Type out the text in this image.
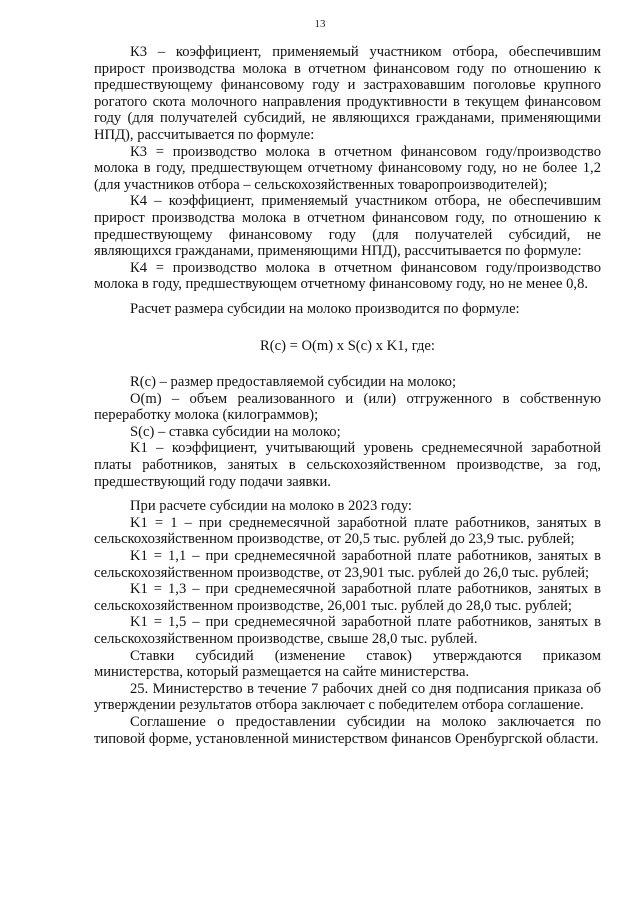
13

К3 – коэффициент, применяемый участником отбора, обеспечившим прирост производства молока в отчетном финансовом году по отношению к предшествующему финансовому году и застраховавшим поголовье крупного рогатого скота молочного направления продуктивности в текущем финансовом году (для получателей субсидий, не являющихся гражданами, применяющими НПД), рассчитывается по формуле:

К3 = производство молока в отчетном финансовом году/производство молока в году, предшествующем отчетному финансовому году, но не более 1,2 (для участников отбора – сельскохозяйственных товаропроизводителей);

К4 – коэффициент, применяемый участником отбора, не обеспечившим прирост производства молока в отчетном финансовом году, по отношению к предшествующему финансовому году (для получателей субсидий, не являющихся гражданами, применяющими НПД), рассчитывается по формуле:

К4 = производство молока в отчетном финансовом году/производство молока в году, предшествующем отчетному финансовому году, но не менее 0,8.

Расчет размера субсидии на молоко производится по формуле:

R(c) = O(m) x S(c) x K1, где:

R(c) – размер предоставляемой субсидии на молоко;

O(m) – объем реализованного и (или) отгруженного в собственную переработку молока (килограммов);

S(c) – ставка субсидии на молоко;

K1 – коэффициент, учитывающий уровень среднемесячной заработной платы работников, занятых в сельскохозяйственном производстве, за год, предшествующий году подачи заявки.

При расчете субсидии на молоко в 2023 году:

K1 = 1 – при среднемесячной заработной плате работников, занятых в сельскохозяйственном производстве, от 20,5 тыс. рублей до 23,9 тыс. рублей;

K1 = 1,1 – при среднемесячной заработной плате работников, занятых в сельскохозяйственном производстве, от 23,901 тыс. рублей до 26,0 тыс. рублей;

K1 = 1,3 – при среднемесячной заработной плате работников, занятых в сельскохозяйственном производстве, 26,001 тыс. рублей до 28,0 тыс. рублей;

K1 = 1,5 – при среднемесячной заработной плате работников, занятых в сельскохозяйственном производстве, свыше 28,0 тыс. рублей.

Ставки субсидий (изменение ставок) утверждаются приказом министерства, который размещается на сайте министерства.

25. Министерство в течение 7 рабочих дней со дня подписания приказа об утверждении результатов отбора заключает с победителем отбора соглашение.

Соглашение о предоставлении субсидии на молоко заключается по типовой форме, установленной министерством финансов Оренбургской области.
